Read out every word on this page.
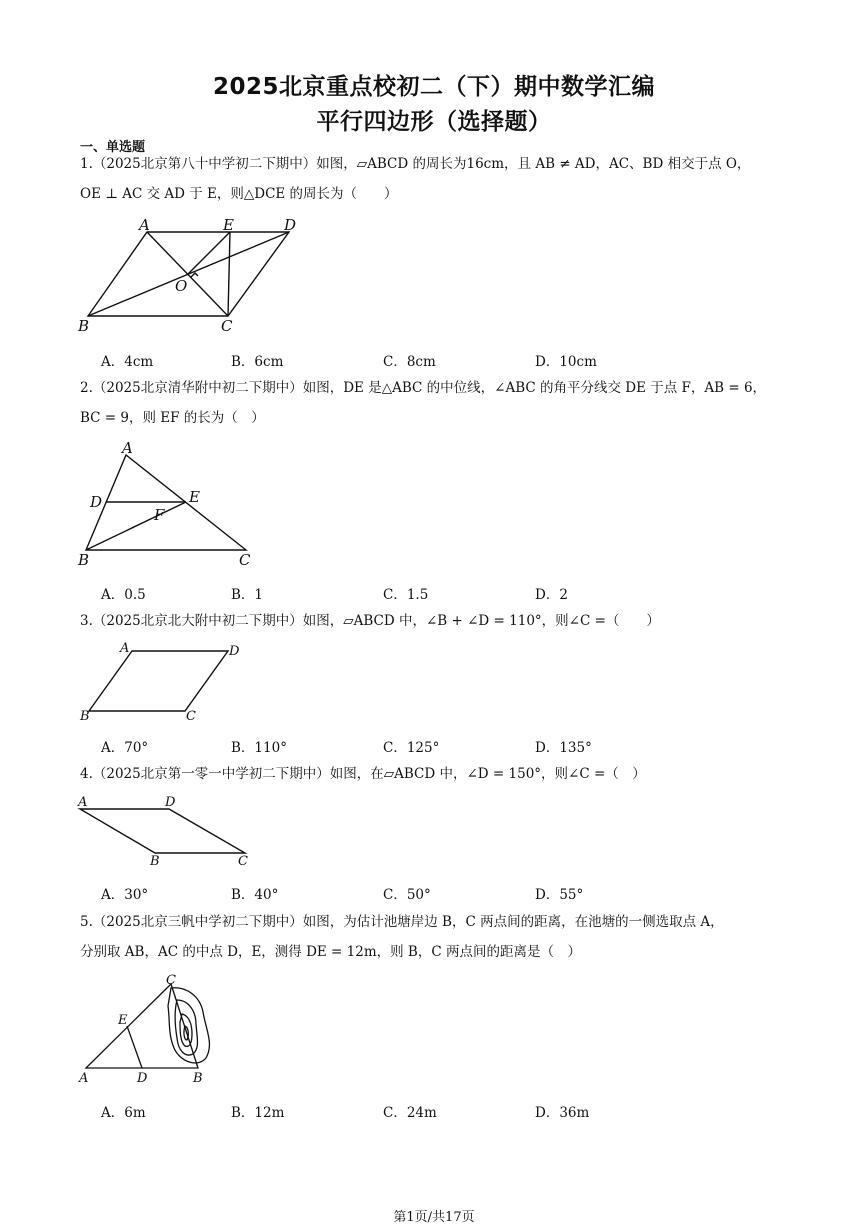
2025北京重点校初二（下）期中数学汇编
平行四边形（选择题）
一、单选题
1.（2025北京第八十中学初二下期中）如图，▱ABCD 的周长为16cm，且 AB ≠ AD，AC、BD 相交于点 O，
OE ⊥ AC 交 AD 于 E，则△DCE 的周长为（　　）
A	E	D
O
B	C
A．4cm	B．6cm	C．8cm	D．10cm
2.（2025北京清华附中初二下期中）如图，DE 是△ABC 的中位线，∠ABC 的角平分线交 DE 于点 F，AB = 6，
BC = 9，则 EF 的长为（　）
A
D	E
F
B	C
A．0.5	B．1	C．1.5	D．2
3.（2025北京北大附中初二下期中）如图，▱ABCD 中，∠B + ∠D = 110°，则∠C =（　　）
A	D
B	C
A．70°	B．110°	C．125°	D．135°
4.（2025北京第一零一中学初二下期中）如图，在▱ABCD 中，∠D = 150°，则∠C =（　）
A	D
B	C
A．30°	B．40°	C．50°	D．55°
5.（2025北京三帆中学初二下期中）如图，为估计池塘岸边 B，C 两点间的距离，在池塘的一侧选取点 A，
分别取 AB，AC 的中点 D，E，测得 DE = 12m，则 B，C 两点间的距离是（　）
C
E
A	D	B
A．6m	B．12m	C．24m	D．36m
第1页/共17页
